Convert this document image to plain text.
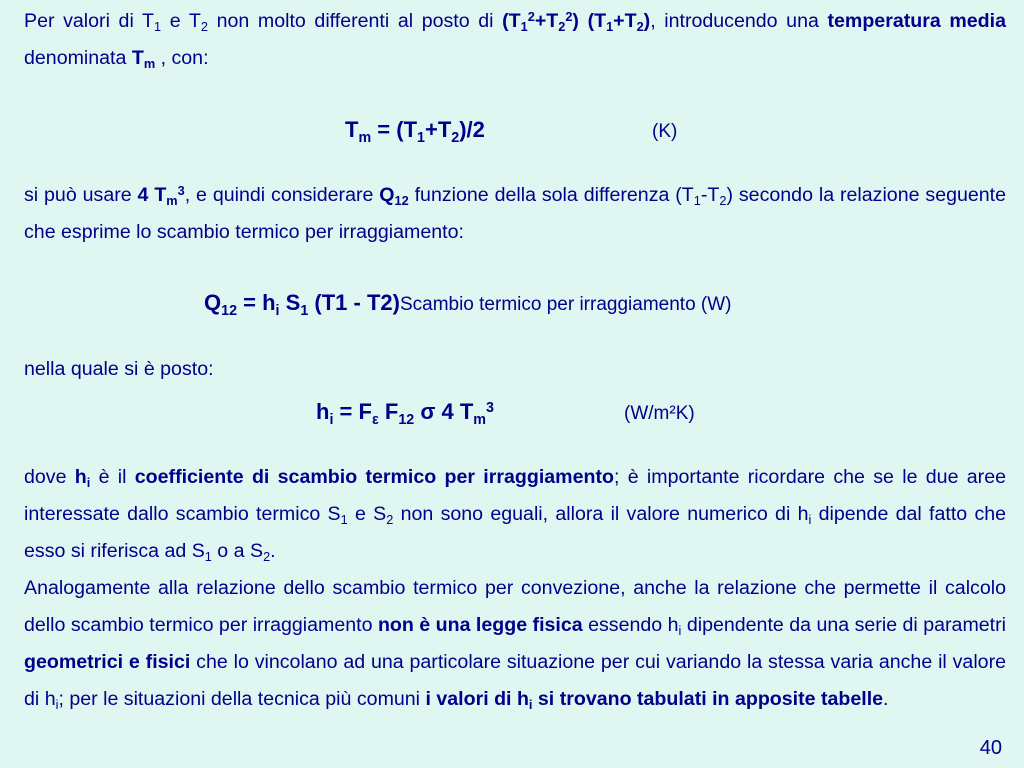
Per valori di $T_1$ e $T_2$ non molto differenti al posto di $(T_1^2+T_2^2)$ $(T_1+T_2)$, introducendo una temperatura media denominata $T_m$ , con:

$T_m = (T_1+T_2)/2$	(K)

si può usare 4 $T_m^3$, e quindi considerare $Q_{12}$ funzione della sola differenza $(T_1-T_2)$ secondo la relazione seguente che esprime lo scambio termico per irraggiamento:

$Q_{12} = h_i$ $S_1$ (T1 - T2)Scambio termico per irraggiamento (W)

nella quale si è posto:

$h_i = F_\varepsilon$ $F_{12}$ σ 4 $T_m^3$	(W/m²K)

dove $h_i$ è il coefficiente di scambio termico per irraggiamento; è importante ricordare che se le due aree interessate dallo scambio termico $S_1$ e $S_2$ non sono eguali, allora il valore numerico di $h_i$ dipende dal fatto che esso si riferisca ad $S_1$ o a $S_2$.

Analogamente alla relazione dello scambio termico per convezione, anche la relazione che permette il calcolo dello scambio termico per irraggiamento non è una legge fisica essendo $h_i$ dipendente da una serie di parametri geometrici e fisici che lo vincolano ad una particolare situazione per cui variando la stessa varia anche il valore di $h_i$; per le situazioni della tecnica più comuni i valori di $h_i$ si trovano tabulati in apposite tabelle.

40
